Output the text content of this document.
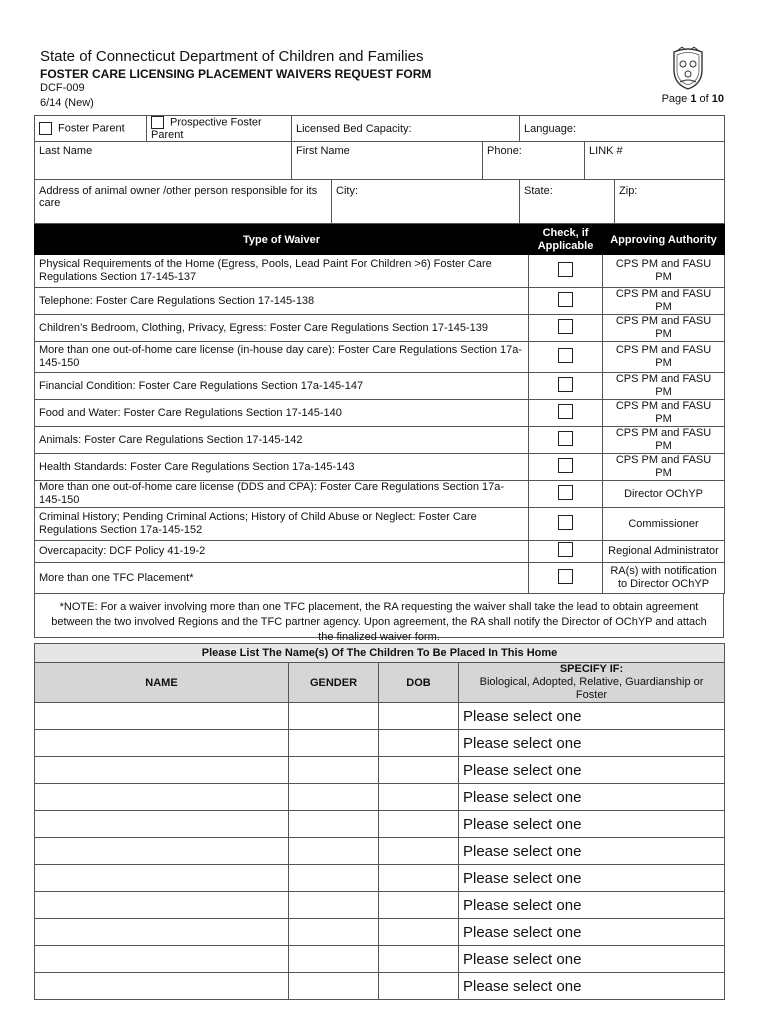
State of Connecticut Department of Children and Families
FOSTER CARE LICENSING PLACEMENT WAIVERS REQUEST FORM
DCF-009
6/14 (New)	Page 1 of 10
Foster Parent	Prospective Foster Parent	Licensed Bed Capacity:			Language:		
Last Name		First Name		Phone:		LINK #	
Address of animal owner /other person responsible for its care			City:		State:		Zip:
Type of Waiver	Check, if Applicable	Approving Authority
Physical Requirements of the Home (Egress, Pools, Lead Paint For Children >6) Foster Care Regulations Section 17-145-137		CPS PM and FASU PM
Telephone: Foster Care Regulations Section 17-145-138		CPS PM and FASU PM
Children’s Bedroom, Clothing, Privacy, Egress: Foster Care Regulations Section 17-145-139		CPS PM and FASU PM
More than one out-of-home care license (in-house day care): Foster Care Regulations Section 17a-145-150		CPS PM and FASU PM
Financial Condition: Foster Care Regulations Section 17a-145-147		CPS PM and FASU PM
Food and Water: Foster Care Regulations Section 17-145-140		CPS PM and FASU PM
Animals: Foster Care Regulations Section 17-145-142		CPS PM and FASU PM
Health Standards: Foster Care Regulations Section 17a-145-143		CPS PM and FASU PM
More than one out-of-home care license (DDS and CPA): Foster Care Regulations Section 17a-145-150		Director OChYP
Criminal History; Pending Criminal Actions; History of Child Abuse or Neglect: Foster Care Regulations Section 17a-145-152		Commissioner
Overcapacity: DCF Policy 41-19-2		Regional Administrator
More than one TFC Placement*		RA(s) with notification to Director OChYP
*NOTE: For a waiver involving more than one TFC placement, the RA requesting the waiver shall take the lead to obtain agreement between the two involved Regions and the TFC partner agency. Upon agreement, the RA shall notify the Director of OChYP and attach the finalized waiver form.
Please List The Name(s) Of The Children To Be Placed In This Home			
NAME	GENDER	DOB	SPECIFY IF:
Biological, Adopted, Relative, Guardianship or Foster
			Please select one
			Please select one
			Please select one
			Please select one
			Please select one
			Please select one
			Please select one
			Please select one
			Please select one
			Please select one
			Please select one
